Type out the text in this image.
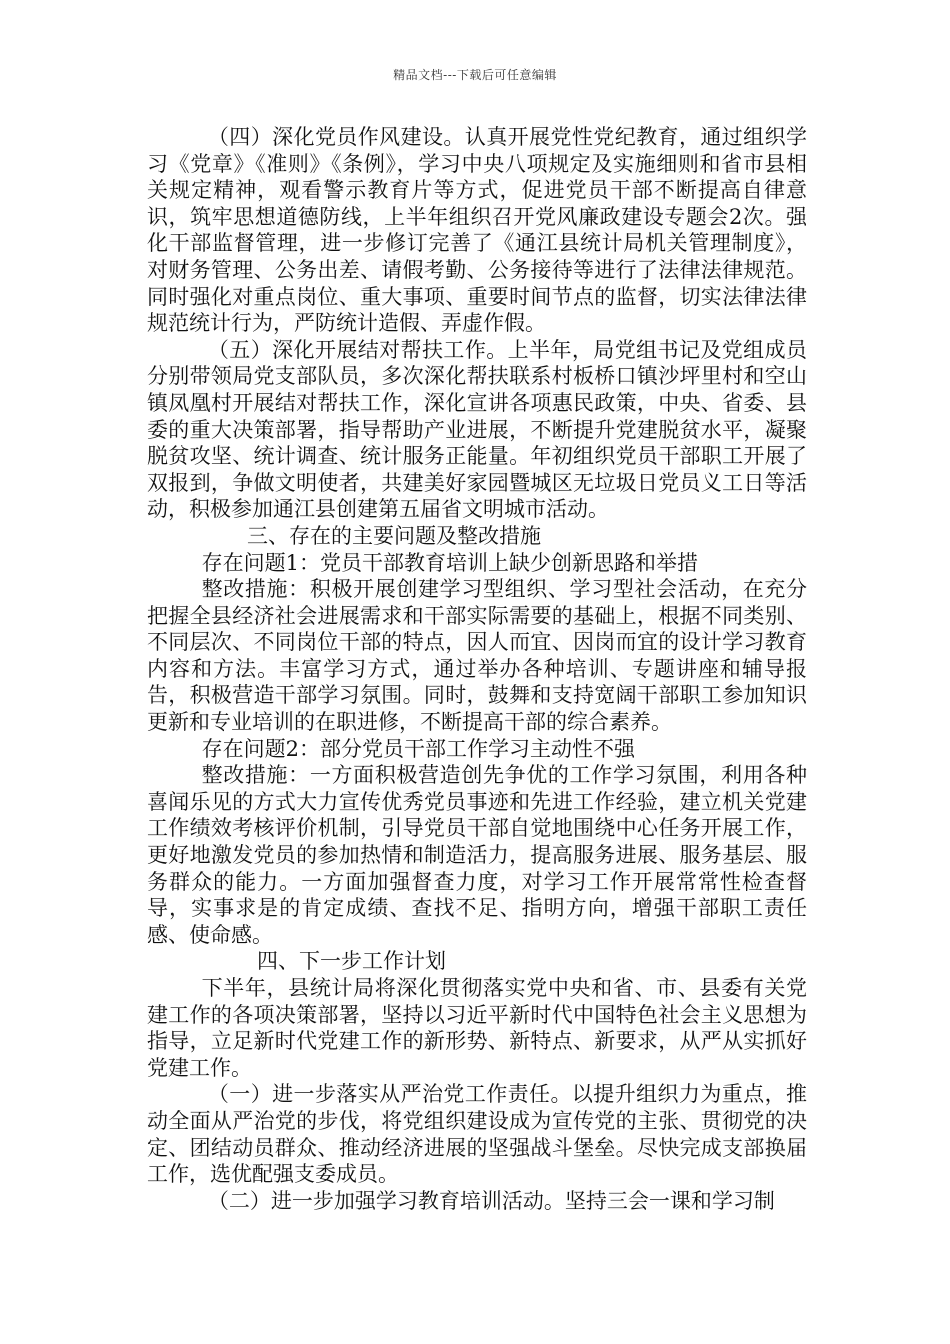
精品文档---下载后可任意编辑

（四）深化党员作风建设。认真开展党性党纪教育，通过组织学习《党章》《准则》《条例》，学习中央八项规定及实施细则和省市县相关规定精神，观看警示教育片等方式，促进党员干部不断提高自律意识，筑牢思想道德防线，上半年组织召开党风廉政建设专题会2次。强化干部监督管理，进一步修订完善了《通江县统计局机关管理制度》，对财务管理、公务出差、请假考勤、公务接待等进行了法律法律规范。同时强化对重点岗位、重大事项、重要时间节点的监督，切实法律法律规范统计行为，严防统计造假、弄虚作假。

（五）深化开展结对帮扶工作。上半年，局党组书记及党组成员分别带领局党支部队员，多次深化帮扶联系村板桥口镇沙坪里村和空山镇凤凰村开展结对帮扶工作，深化宣讲各项惠民政策，中央、省委、县委的重大决策部署，指导帮助产业进展，不断提升党建脱贫水平，凝聚脱贫攻坚、统计调查、统计服务正能量。年初组织党员干部职工开展了双报到，争做文明使者，共建美好家园暨城区无垃圾日党员义工日等活动，积极参加通江县创建第五届省文明城市活动。

三、存在的主要问题及整改措施

存在问题1：党员干部教育培训上缺少创新思路和举措

整改措施：积极开展创建学习型组织、学习型社会活动，在充分把握全县经济社会进展需求和干部实际需要的基础上，根据不同类别、不同层次、不同岗位干部的特点，因人而宜、因岗而宜的设计学习教育内容和方法。丰富学习方式，通过举办各种培训、专题讲座和辅导报告，积极营造干部学习氛围。同时，鼓舞和支持宽阔干部职工参加知识更新和专业培训的在职进修，不断提高干部的综合素养。

存在问题2：部分党员干部工作学习主动性不强

整改措施：一方面积极营造创先争优的工作学习氛围，利用各种喜闻乐见的方式大力宣传优秀党员事迹和先进工作经验，建立机关党建工作绩效考核评价机制，引导党员干部自觉地围绕中心任务开展工作，更好地激发党员的参加热情和制造活力，提高服务进展、服务基层、服务群众的能力。一方面加强督查力度，对学习工作开展常常性检查督导，实事求是的肯定成绩、查找不足、指明方向，增强干部职工责任感、使命感。

四、下一步工作计划

下半年，县统计局将深化贯彻落实党中央和省、市、县委有关党建工作的各项决策部署，坚持以习近平新时代中国特色社会主义思想为指导，立足新时代党建工作的新形势、新特点、新要求，从严从实抓好党建工作。

（一）进一步落实从严治党工作责任。以提升组织力为重点，推动全面从严治党的步伐，将党组织建设成为宣传党的主张、贯彻党的决定、团结动员群众、推动经济进展的坚强战斗堡垒。尽快完成支部换届工作，选优配强支委成员。

（二）进一步加强学习教育培训活动。坚持三会一课和学习制
